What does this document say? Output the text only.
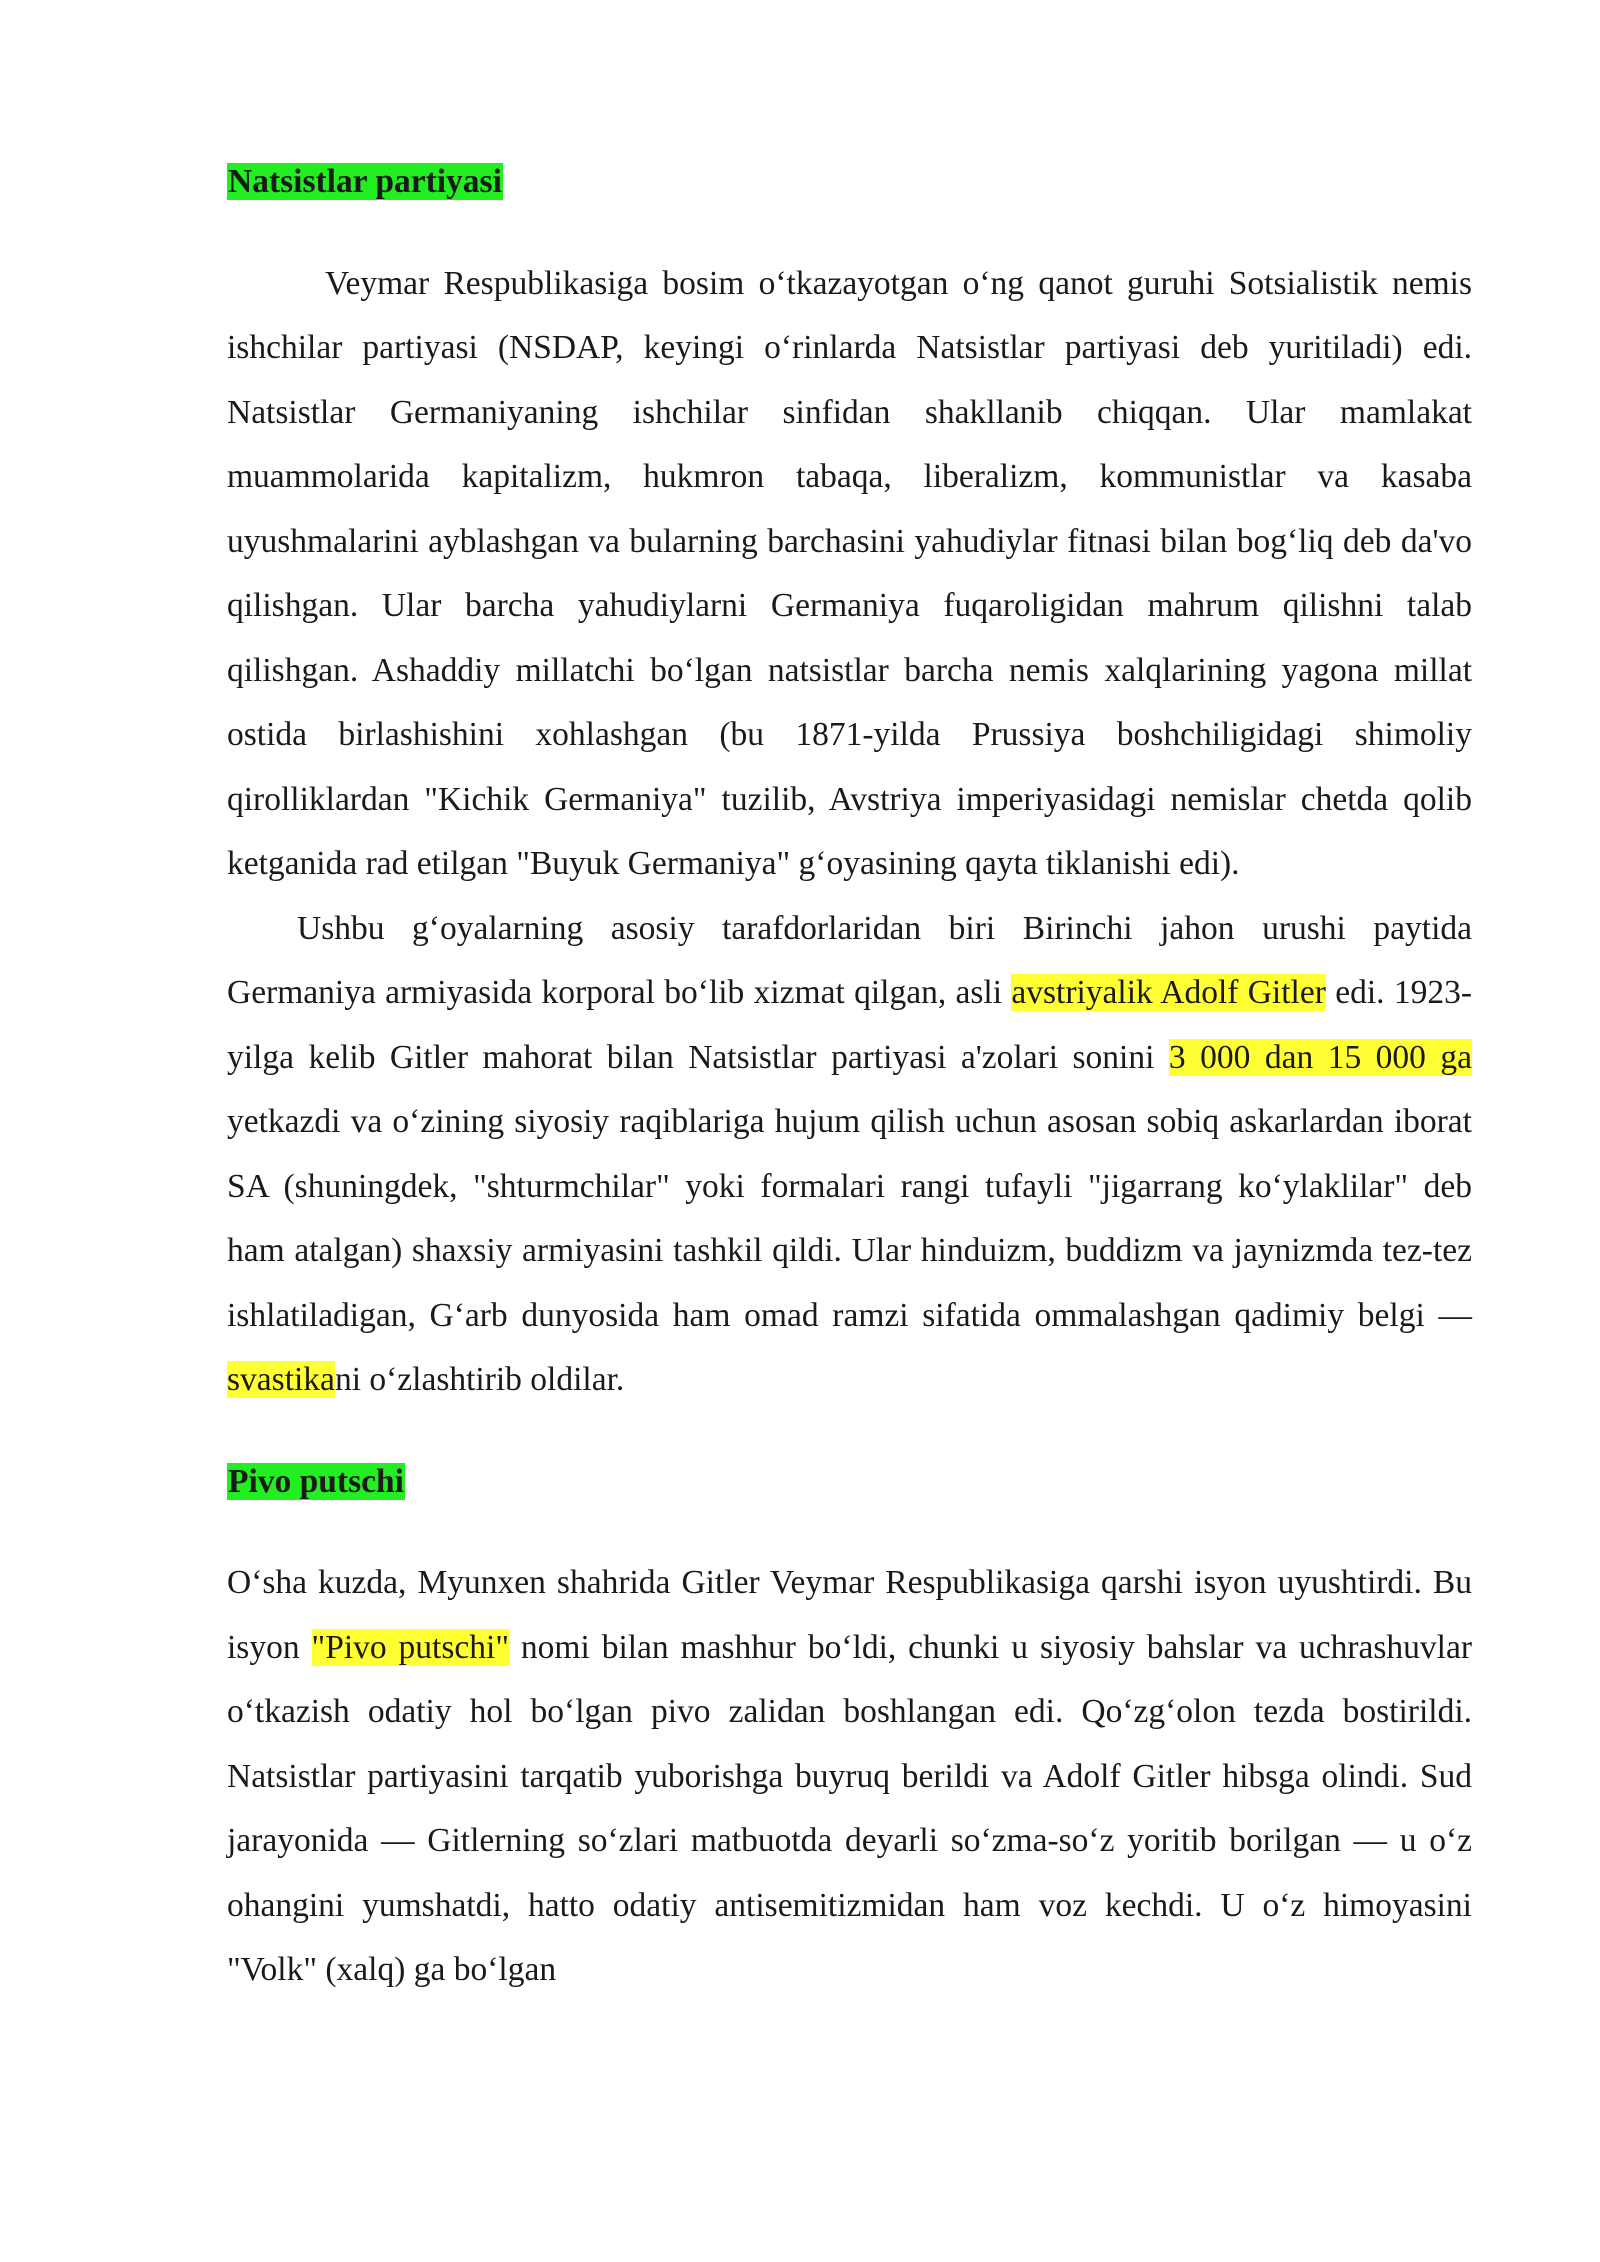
Natsistlar partiyasi

Veymar Respublikasiga bosim o‘tkazayotgan o‘ng qanot guruhi Sotsialistik nemis ishchilar partiyasi (NSDAP, keyingi o‘rinlarda Natsistlar partiyasi deb yuritiladi) edi. Natsistlar Germaniyaning ishchilar sinfidan shakllanib chiqqan. Ular mamlakat muammolarida kapitalizm, hukmron tabaqa, liberalizm, kommunistlar va kasaba uyushmalarini ayblashgan va bularning barchasini yahudiylar fitnasi bilan bog‘liq deb da'vo qilishgan. Ular barcha yahudiylarni Germaniya fuqaroligidan mahrum qilishni talab qilishgan. Ashaddiy millatchi bo‘lgan natsistlar barcha nemis xalqlarining yagona millat ostida birlashishini xohlashgan (bu 1871-yilda Prussiya boshchiligidagi shimoliy qirolliklardan "Kichik Germaniya" tuzilib, Avstriya imperiyasidagi nemislar chetda qolib ketganida rad etilgan "Buyuk Germaniya" g‘oyasining qayta tiklanishi edi).

Ushbu g‘oyalarning asosiy tarafdorlaridan biri Birinchi jahon urushi paytida Germaniya armiyasida korporal bo‘lib xizmat qilgan, asli avstriyalik Adolf Gitler edi. 1923-yilga kelib Gitler mahorat bilan Natsistlar partiyasi a'zolari sonini 3 000 dan 15 000 ga yetkazdi va o‘zining siyosiy raqiblariga hujum qilish uchun asosan sobiq askarlardan iborat SA (shuningdek, "shturmchilar" yoki formalari rangi tufayli "jigarrang ko‘ylaklilar" deb ham atalgan) shaxsiy armiyasini tashkil qildi. Ular hinduizm, buddizm va jaynizmda tez-tez ishlatiladigan, G‘arb dunyosida ham omad ramzi sifatida ommalashgan qadimiy belgi — svastikani o‘zlashtirib oldilar.

Pivo putschi

O‘sha kuzda, Myunxen shahrida Gitler Veymar Respublikasiga qarshi isyon uyushtirdi. Bu isyon "Pivo putschi" nomi bilan mashhur bo‘ldi, chunki u siyosiy bahslar va uchrashuvlar o‘tkazish odatiy hol bo‘lgan pivo zalidan boshlangan edi. Qo‘zg‘olon tezda bostirildi. Natsistlar partiyasini tarqatib yuborishga buyruq berildi va Adolf Gitler hibsga olindi. Sud jarayonida — Gitlerning so‘zlari matbuotda deyarli so‘zma-so‘z yoritib borilgan — u o‘z ohangini yumshatdi, hatto odatiy antisemitizmidan ham voz kechdi. U o‘z himoyasini "Volk" (xalq) ga bo‘lgan
